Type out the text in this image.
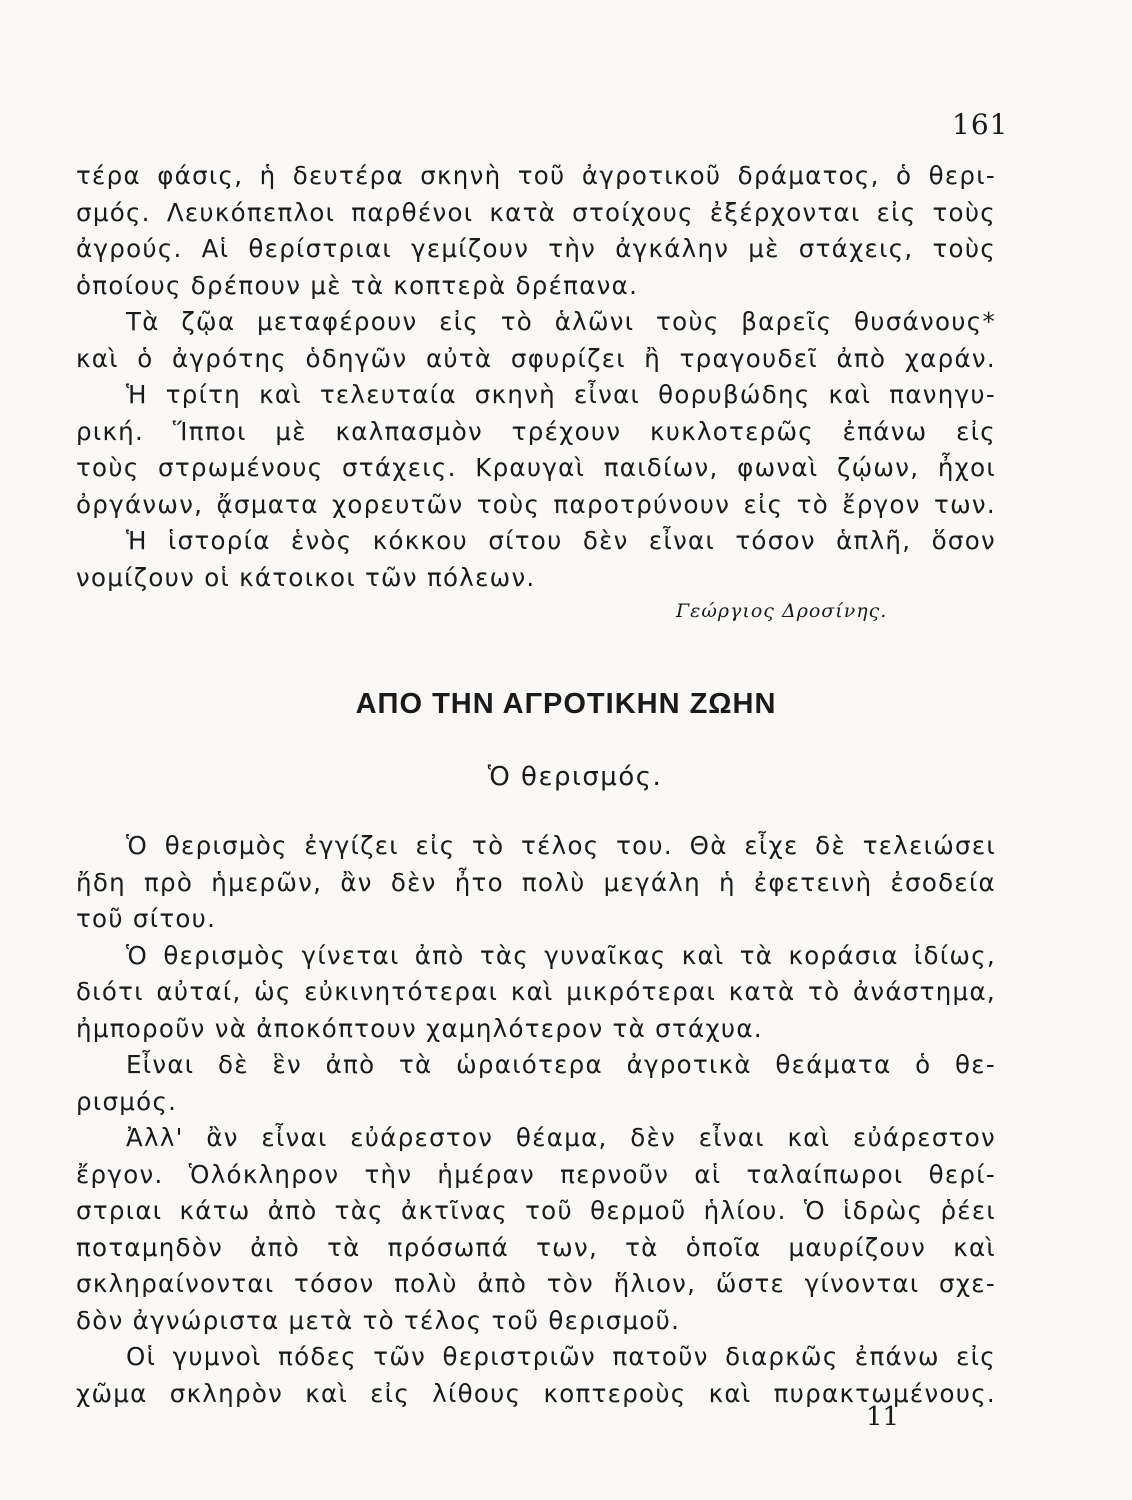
161
τέρα φάσις, ἡ δευτέρα σκηνὴ τοῦ ἀγροτικοῦ δράματος, ὁ θερι-
σμός. Λευκόπεπλοι παρθένοι κατὰ στοίχους ἐξέρχονται εἰς τοὺς
ἀγρούς. Αἱ θερίστριαι γεμίζουν τὴν ἀγκάλην μὲ στάχεις, τοὺς
ὁποίους δρέπουν μὲ τὰ κοπτερὰ δρέπανα.
Τὰ ζῷα μεταφέρουν εἰς τὸ ἁλῶνι τοὺς βαρεῖς θυσάνους*
καὶ ὁ ἀγρότης ὁδηγῶν αὐτὰ σφυρίζει ἢ τραγουδεῖ ἀπὸ χαράν.
Ἡ τρίτη καὶ τελευταία σκηνὴ εἶναι θορυβώδης καὶ πανηγυ-
ρική. Ἵπποι μὲ καλπασμὸν τρέχουν κυκλοτερῶς ἐπάνω εἰς
τοὺς στρωμένους στάχεις. Κραυγαὶ παιδίων, φωναὶ ζῴων, ἦχοι
ὀργάνων, ᾄσματα χορευτῶν τοὺς παροτρύνουν εἰς τὸ ἔργον των.
Ἡ ἱστορία ἑνὸς κόκκου σίτου δὲν εἶναι τόσον ἁπλῆ, ὅσον
νομίζουν οἱ κάτοικοι τῶν πόλεων.
Γεώργιος Δροσίνης.
ΑΠΟ ΤΗΝ ΑΓΡΟΤΙΚΗΝ ΖΩΗΝ
Ὁ θερισμός.
Ὁ θερισμὸς ἐγγίζει εἰς τὸ τέλος του. Θὰ εἶχε δὲ τελειώσει
ἤδη πρὸ ἡμερῶν, ἂν δὲν ἦτο πολὺ μεγάλη ἡ ἐφετεινὴ ἐσοδεία
τοῦ σίτου.
Ὁ θερισμὸς γίνεται ἀπὸ τὰς γυναῖκας καὶ τὰ κοράσια ἰδίως,
διότι αὐταί, ὡς εὐκινητότεραι καὶ μικρότεραι κατὰ τὸ ἀνάστημα,
ἠμποροῦν νὰ ἀποκόπτουν χαμηλότερον τὰ στάχυα.
Εἶναι δὲ ἓν ἀπὸ τὰ ὡραιότερα ἀγροτικὰ θεάματα ὁ θε-
ρισμός.
Ἀλλ' ἂν εἶναι εὐάρεστον θέαμα, δὲν εἶναι καὶ εὐάρεστον
ἔργον. Ὁλόκληρον τὴν ἡμέραν περνοῦν αἱ ταλαίπωροι θερί-
στριαι κάτω ἀπὸ τὰς ἀκτῖνας τοῦ θερμοῦ ἡλίου. Ὁ ἱδρὼς ῥέει
ποταμηδὸν ἀπὸ τὰ πρόσωπά των, τὰ ὁποῖα μαυρίζουν καὶ
σκληραίνονται τόσον πολὺ ἀπὸ τὸν ἥλιον, ὥστε γίνονται σχε-
δὸν ἀγνώριστα μετὰ τὸ τέλος τοῦ θερισμοῦ.
Οἱ γυμνοὶ πόδες τῶν θεριστριῶν πατοῦν διαρκῶς ἐπάνω εἰς
χῶμα σκληρὸν καὶ εἰς λίθους κοπτεροὺς καὶ πυρακτωμένους.
11
